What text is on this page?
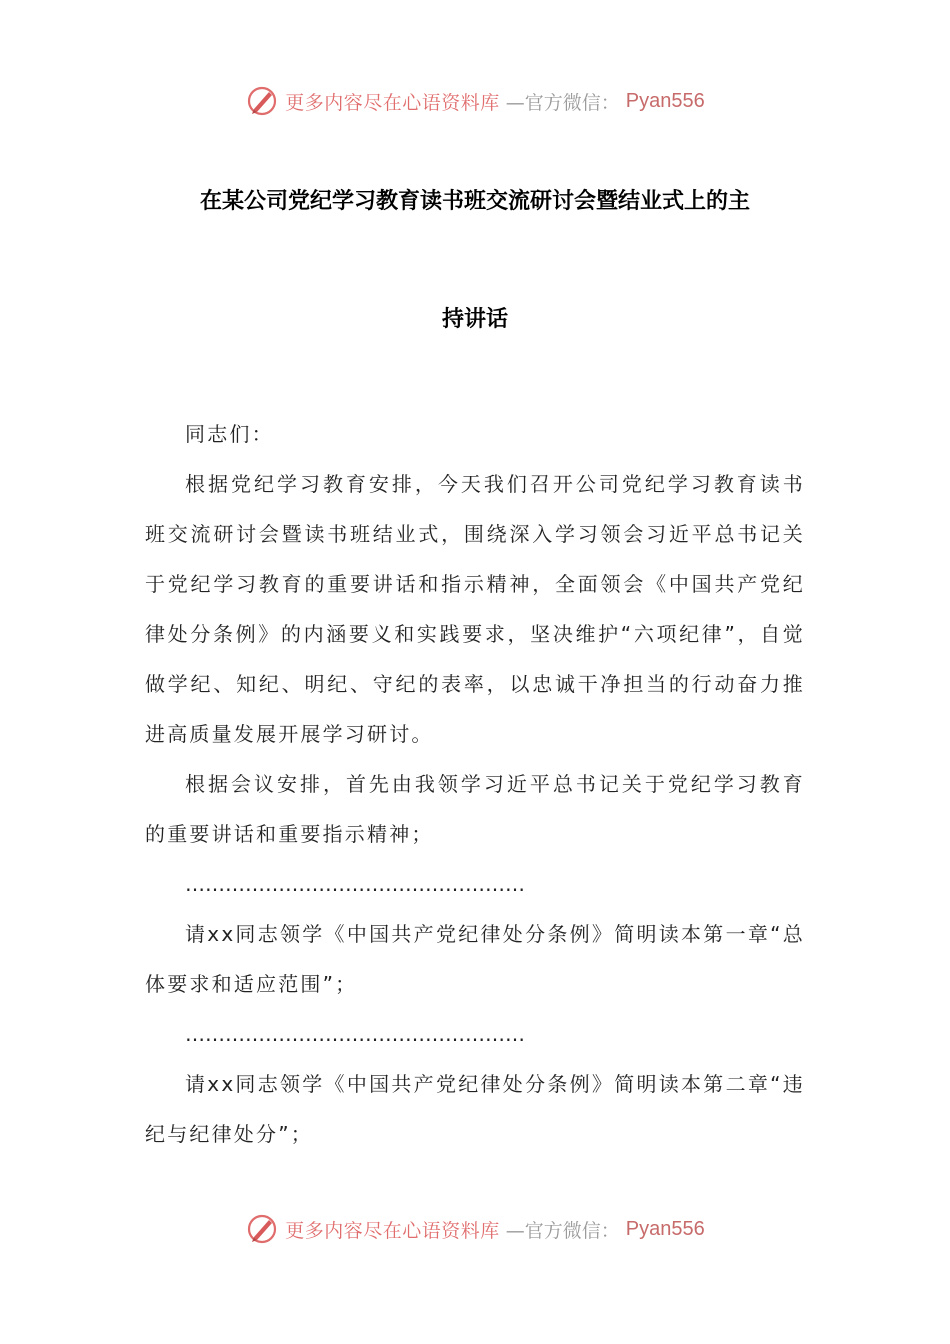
更多内容尽在心语资料库 —官方微信： Pyan556
在某公司党纪学习教育读书班交流研讨会暨结业式上的主
持讲话

同志们：

根据党纪学习教育安排，今天我们召开公司党纪学习教育读书班交流研讨会暨读书班结业式，围绕深入学习领会习近平总书记关于党纪学习教育的重要讲话和指示精神，全面领会《中国共产党纪律处分条例》的内涵要义和实践要求，坚决维护“六项纪律”，自觉做学纪、知纪、明纪、守纪的表率，以忠诚干净担当的行动奋力推进高质量发展开展学习研讨。

根据会议安排，首先由我领学习近平总书记关于党纪学习教育的重要讲话和重要指示精神；

……………………………………………

请xx同志领学《中国共产党纪律处分条例》简明读本第一章“总体要求和适应范围”；

……………………………………………

请xx同志领学《中国共产党纪律处分条例》简明读本第二章“违纪与纪律处分”；

更多内容尽在心语资料库 —官方微信： Pyan556
